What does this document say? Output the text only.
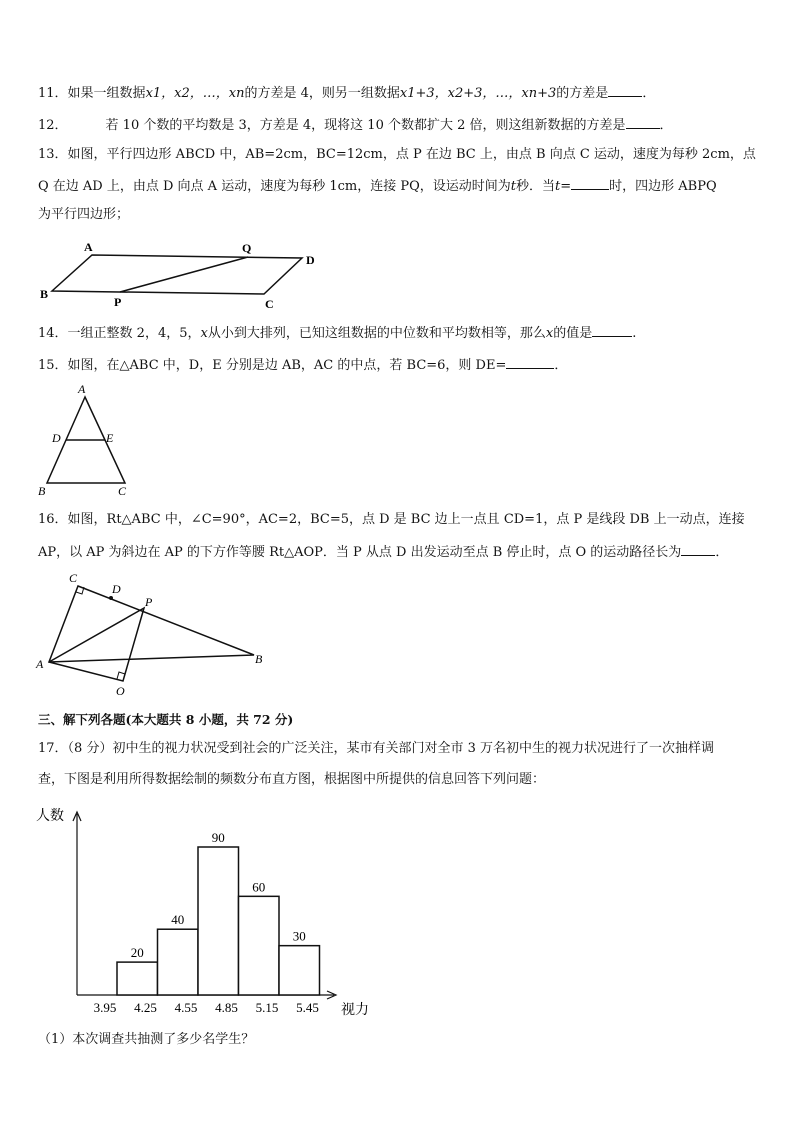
11．如果一组数据x1，x2，…，xn的方差是 4，则另一组数据x1+3，x2+3，…，xn+3的方差是	．
12．	若 10 个数的平均数是 3，方差是 4，现将这 10 个数都扩大 2 倍，则这组新数据的方差是	．
13．如图，平行四边形 ABCD 中，AB=2cm，BC=12cm，点 P 在边 BC 上，由点 B 向点 C 运动，速度为每秒 2cm，点
Q 在边 AD 上，由点 D 向点 A 运动，速度为每秒 1cm，连接 PQ，设运动时间为t秒．当t=	时，四边形 ABPQ
为平行四边形；
A	Q
D
B
P	C
14．一组正整数 2，4，5，x从小到大排列，已知这组数据的中位数和平均数相等，那么x的值是	.
15．如图，在△ABC 中，D，E 分别是边 AB，AC 的中点，若 BC=6，则 DE=	．
A
D	E
B	C
16．如图，Rt△ABC 中，∠C=90°，AC=2，BC=5，点 D 是 BC 边上一点且 CD=1，点 P 是线段 DB 上一动点，连接
AP，以 AP 为斜边在 AP 的下方作等腰 Rt△AOP．当 P 从点 D 出发运动至点 B 停止时，点 O 的运动路径长为	．
C
D
P
A	B
O
三、解下列各题(本大题共 8 小题，共 72 分)
17．（8 分）初中生的视力状况受到社会的广泛关注，某市有关部门对全市 3 万名初中生的视力状况进行了一次抽样调
查，下图是利用所得数据绘制的频数分布直方图，根据图中所提供的信息回答下列问题：
人数
视力
20
40
90
60
30
3.95 4.25 4.55 4.85 5.15 5.45
（1）本次调查共抽测了多少名学生？
